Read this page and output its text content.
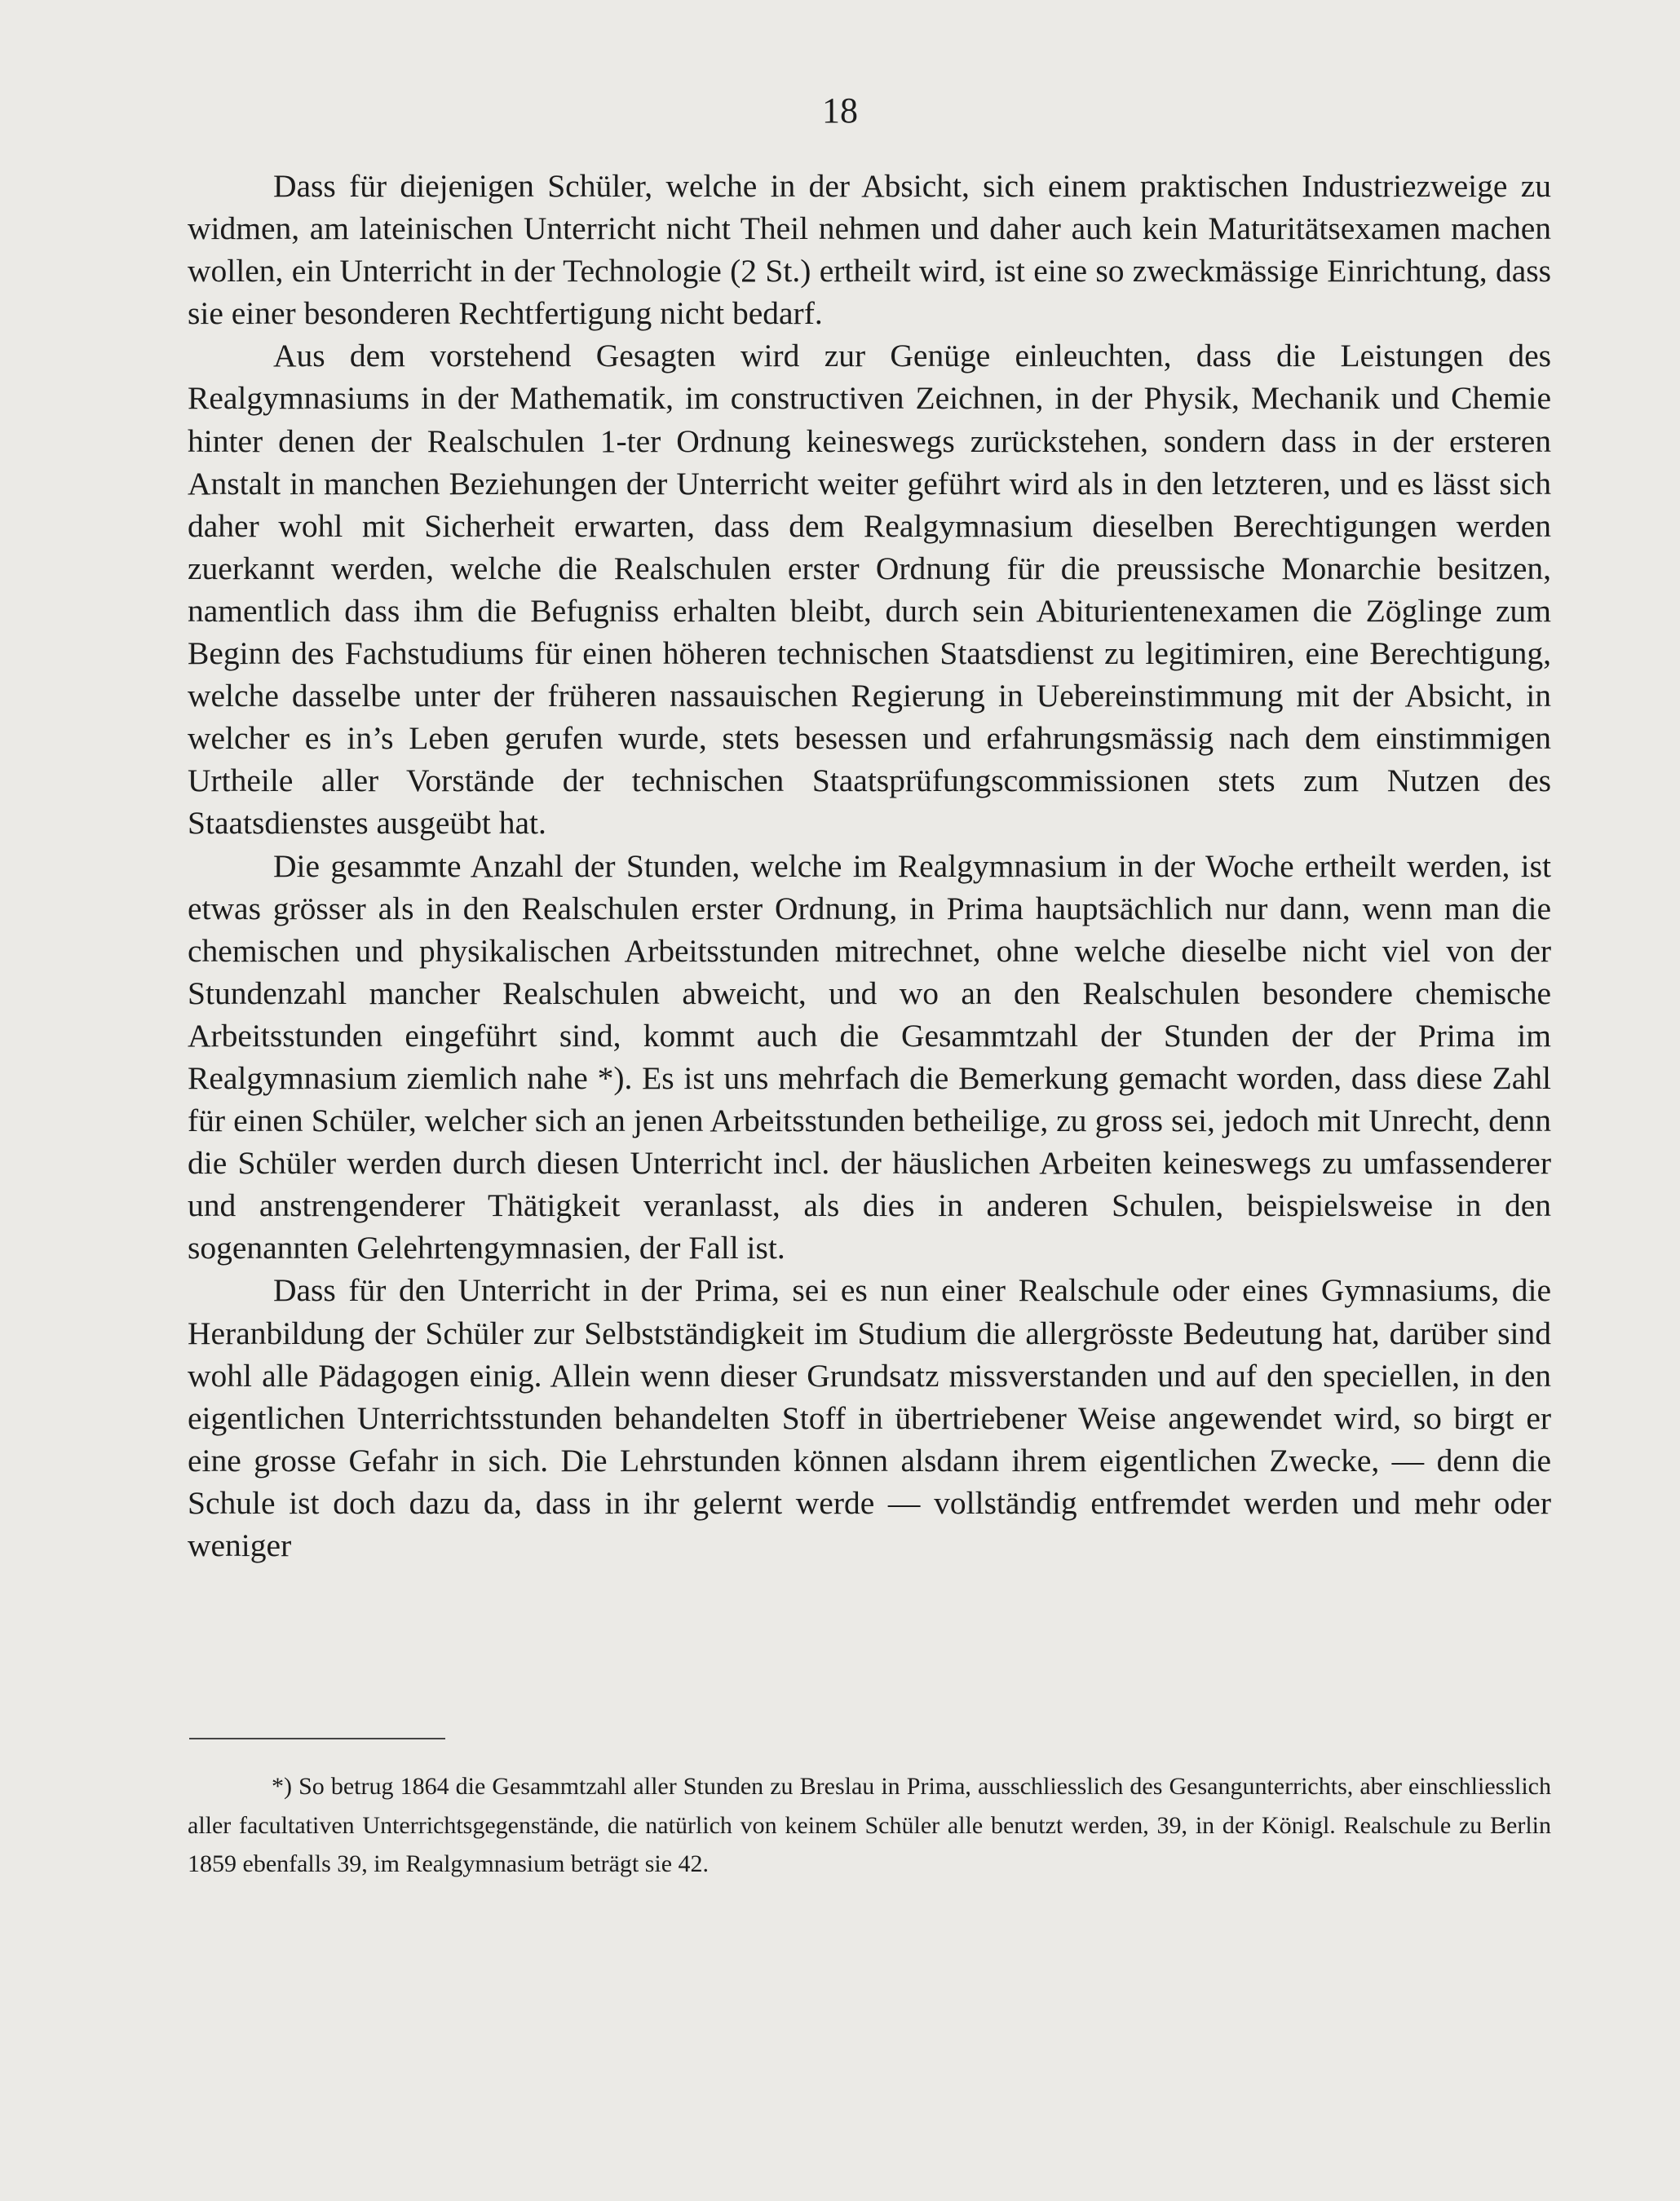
18

Dass für diejenigen Schüler, welche in der Absicht, sich einem praktischen Industriezweige zu widmen, am lateinischen Unterricht nicht Theil nehmen und daher auch kein Maturitätsexamen machen wollen, ein Unterricht in der Technologie (2 St.) ertheilt wird, ist eine so zweckmässige Einrichtung, dass sie einer besonderen Rechtfertigung nicht bedarf.

Aus dem vorstehend Gesagten wird zur Genüge einleuchten, dass die Leistungen des Realgymnasiums in der Mathematik, im constructiven Zeichnen, in der Physik, Mechanik und Chemie hinter denen der Realschulen 1-ter Ordnung keineswegs zurückstehen, sondern dass in der ersteren Anstalt in manchen Beziehungen der Unterricht weiter geführt wird als in den letzteren, und es lässt sich daher wohl mit Sicherheit erwarten, dass dem Realgymnasium dieselben Berechtigungen werden zuerkannt werden, welche die Realschulen erster Ordnung für die preussische Monarchie besitzen, namentlich dass ihm die Befugniss erhalten bleibt, durch sein Abiturientenexamen die Zöglinge zum Beginn des Fachstudiums für einen höheren technischen Staatsdienst zu legitimiren, eine Berechtigung, welche dasselbe unter der früheren nassauischen Regierung in Uebereinstimmung mit der Absicht, in welcher es in’s Leben gerufen wurde, stets besessen und erfahrungsmässig nach dem einstimmigen Urtheile aller Vorstände der technischen Staatsprüfungscommissionen stets zum Nutzen des Staatsdienstes ausgeübt hat.

Die gesammte Anzahl der Stunden, welche im Realgymnasium in der Woche ertheilt werden, ist etwas grösser als in den Realschulen erster Ordnung, in Prima hauptsächlich nur dann, wenn man die chemischen und physikalischen Arbeitsstunden mitrechnet, ohne welche dieselbe nicht viel von der Stundenzahl mancher Realschulen abweicht, und wo an den Realschulen besondere chemische Arbeitsstunden eingeführt sind, kommt auch die Gesammtzahl der Stunden der der Prima im Realgymnasium ziemlich nahe *). Es ist uns mehrfach die Bemerkung gemacht worden, dass diese Zahl für einen Schüler, welcher sich an jenen Arbeitsstunden betheilige, zu gross sei, jedoch mit Unrecht, denn die Schüler werden durch diesen Unterricht incl. der häuslichen Arbeiten keineswegs zu umfassenderer und anstrengenderer Thätigkeit veranlasst, als dies in anderen Schulen, beispielsweise in den sogenannten Gelehrtengymnasien, der Fall ist.

Dass für den Unterricht in der Prima, sei es nun einer Realschule oder eines Gymnasiums, die Heranbildung der Schüler zur Selbstständigkeit im Studium die allergrösste Bedeutung hat, darüber sind wohl alle Pädagogen einig. Allein wenn dieser Grundsatz missverstanden und auf den speciellen, in den eigentlichen Unterrichtsstunden behandelten Stoff in übertriebener Weise angewendet wird, so birgt er eine grosse Gefahr in sich. Die Lehrstunden können alsdann ihrem eigentlichen Zwecke, — denn die Schule ist doch dazu da, dass in ihr gelernt werde — vollständig entfremdet werden und mehr oder weniger

*) So betrug 1864 die Gesammtzahl aller Stunden zu Breslau in Prima, ausschliesslich des Gesangunterrichts, aber einschliesslich aller facultativen Unterrichtsgegenstände, die natürlich von keinem Schüler alle benutzt werden, 39, in der Königl. Realschule zu Berlin 1859 ebenfalls 39, im Realgymnasium beträgt sie 42.
